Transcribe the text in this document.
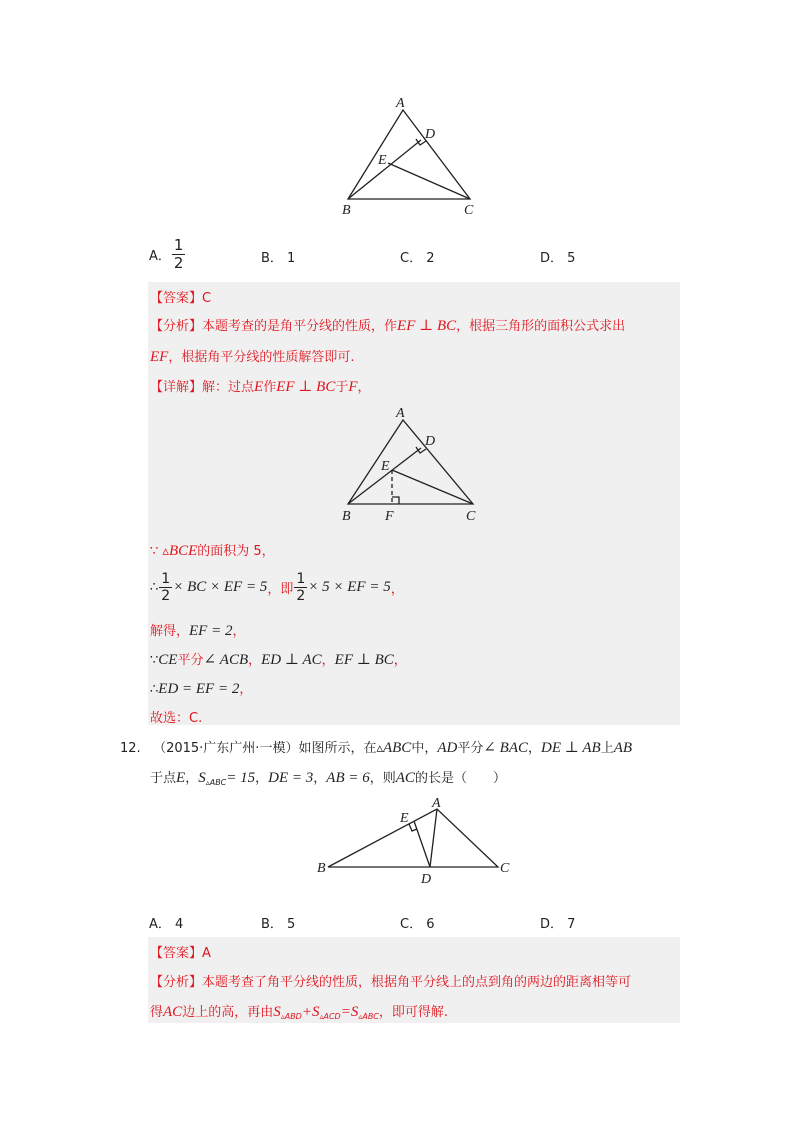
A
D
E
B	C
A． $\frac{1}{2}$	B． 1	C． 2	D． 5
【答案】C
【分析】本题考查的是角平分线的性质，作EF ⊥ BC，根据三角形的面积公式求出
EF，根据角平分线的性质解答即可.
【详解】解：过点E作EF ⊥ BC于F，
A
D
E
B F	C
∵ ▵BCE的面积为 5，
∴ $\frac{1}{2}$ × BC × EF = 5 ，即 $\frac{1}{2} \times 5$ × EF = 5 ，
解得，EF = 2，
∵CE平分∠ ACB，ED ⊥ AC，EF ⊥ BC，
∴ED = EF = 2，
故选：C.
12. （2015·广东广州·一模）如图所示，在▵ABC中，AD平分∠ BAC，DE ⊥ AB上AB
于点E，$S_{▵ABC}= 15$，DE = 3，AB = 6，则AC的长是（　　）
A
E
B	C
D
A． 4	B． 5	C． 6	D． 7
【答案】A
【分析】本题考查了角平分线的性质，根据角平分线上的点到角的两边的距离相等可
得AC边上的高，再由$S_{▵ABD}+S_{▵ACD}=S_{▵ABC}$，即可得解.
